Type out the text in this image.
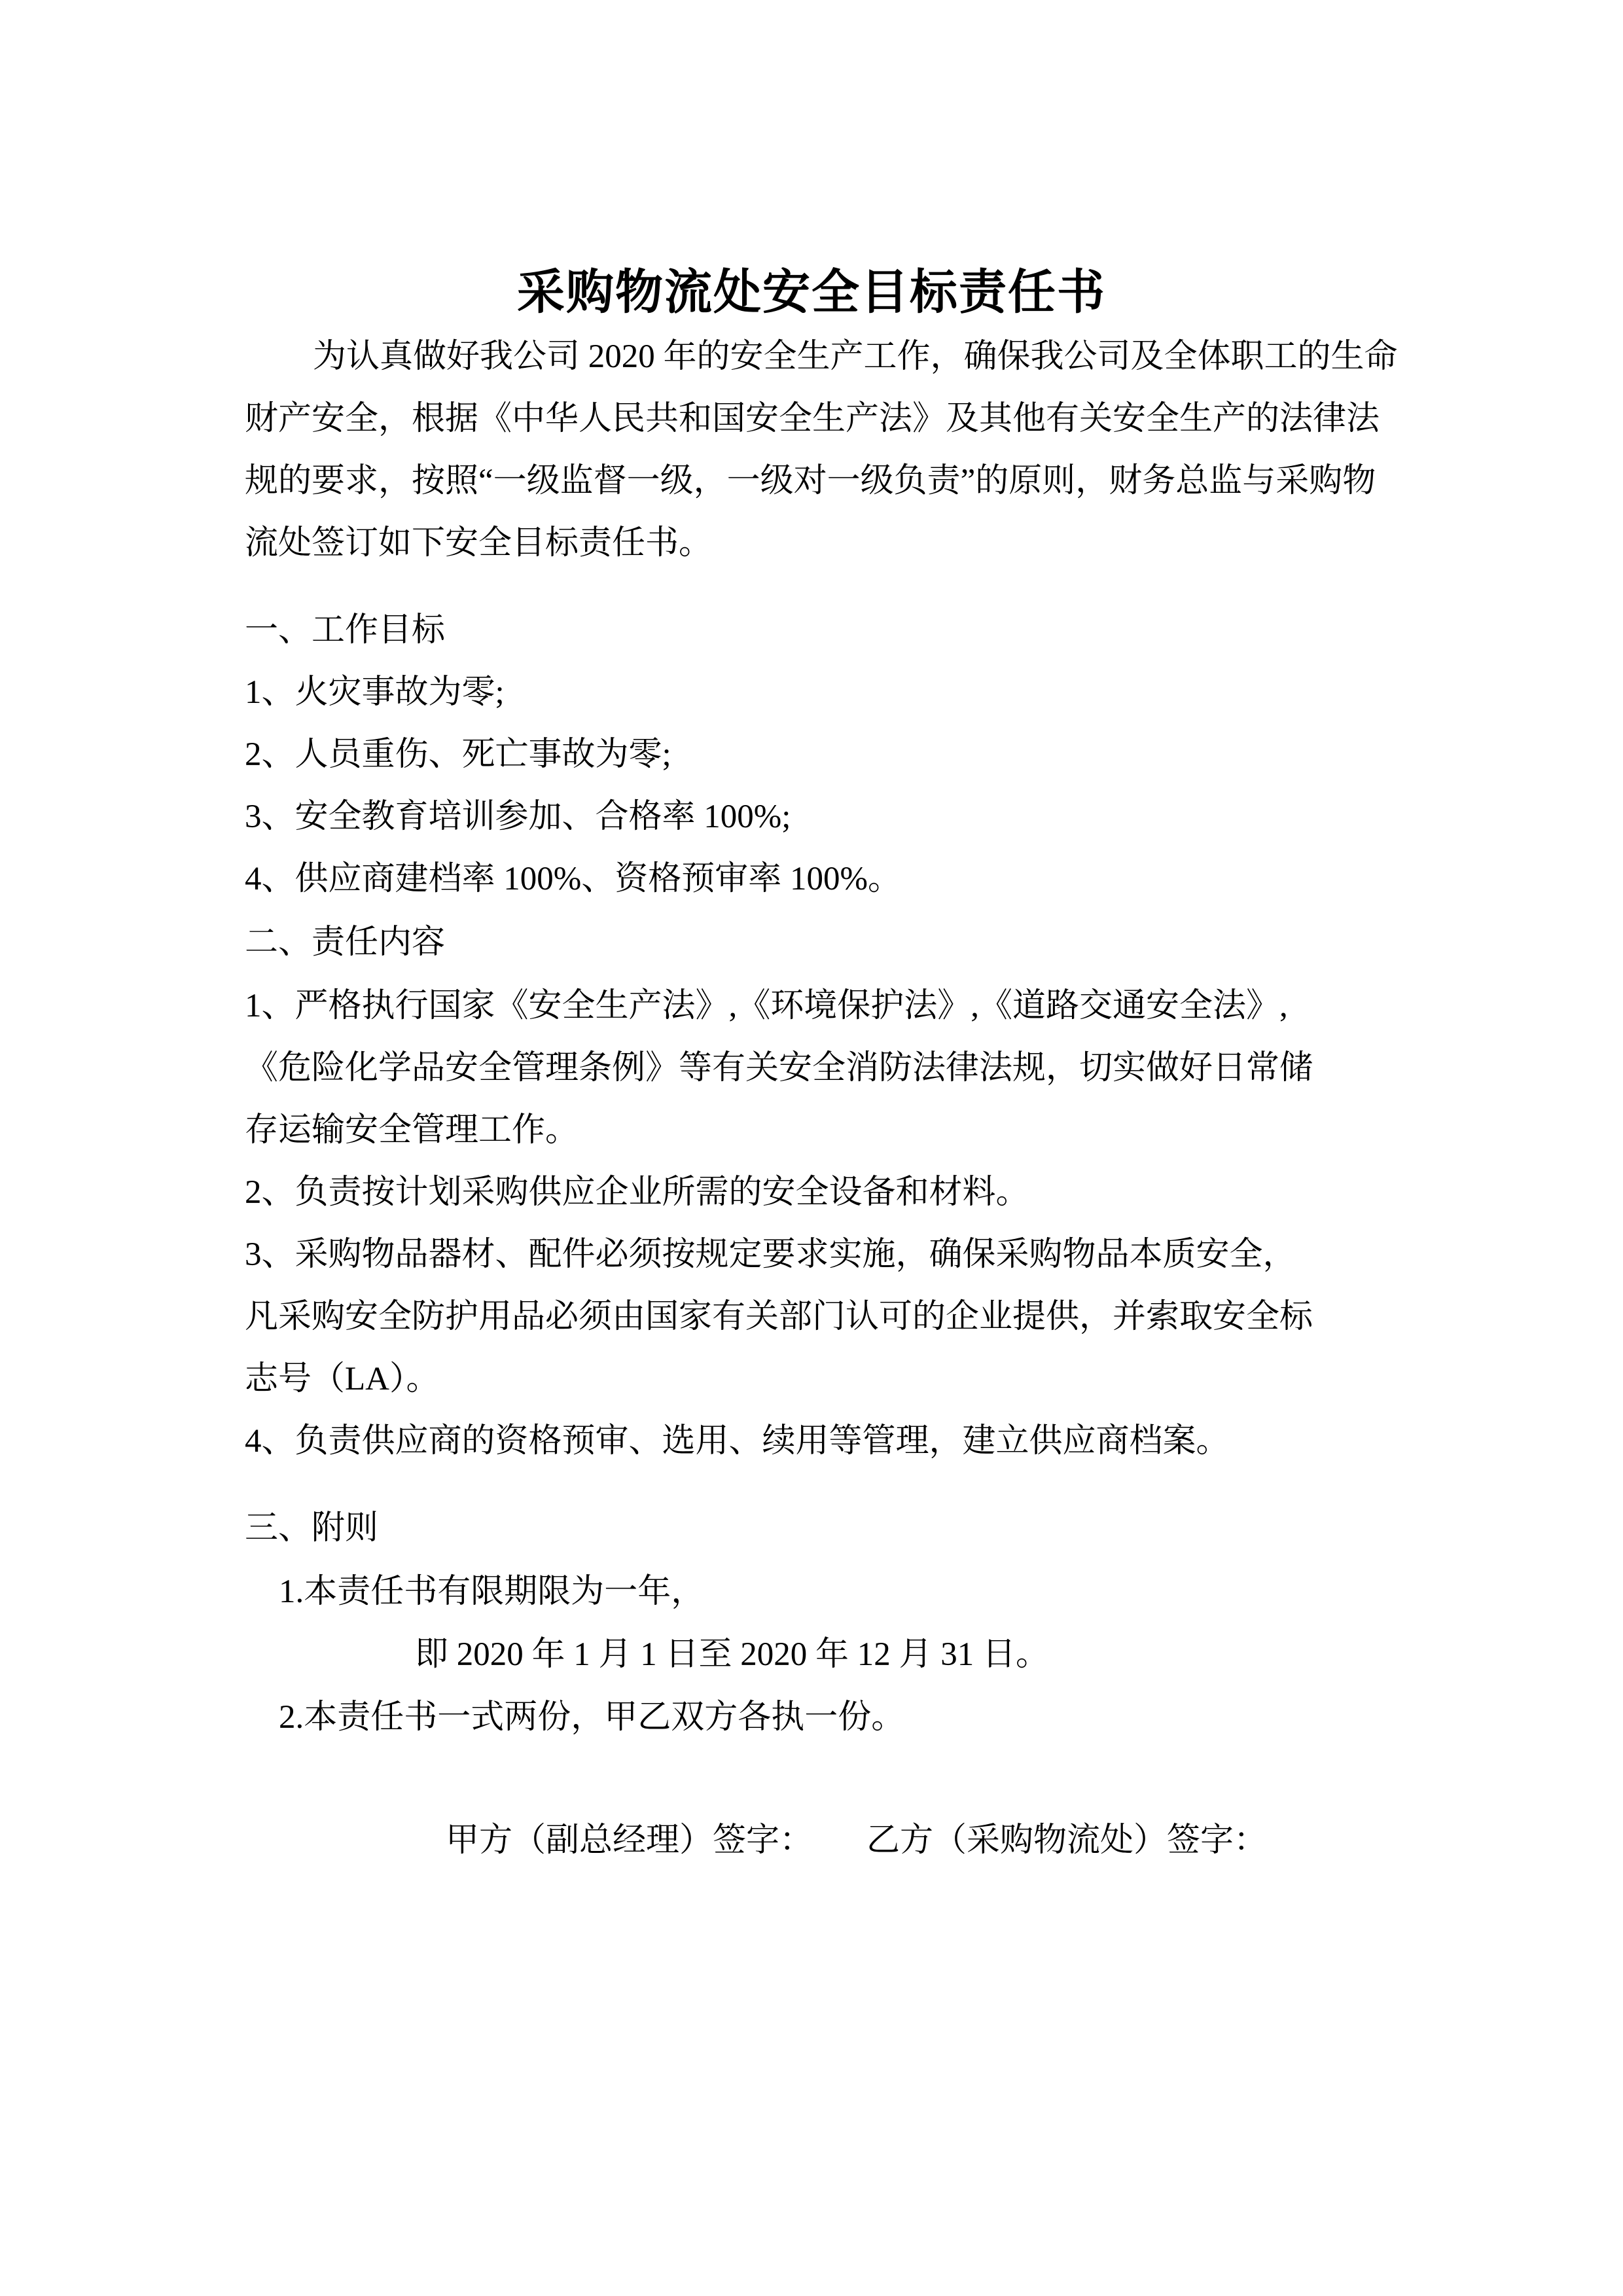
采购物流处安全目标责任书
为认真做好我公司 2020 年的安全生产工作，确保我公司及全体职工的生命
财产安全，根据《中华人民共和国安全生产法》及其他有关安全生产的法律法
规的要求，按照“一级监督一级，一级对一级负责”的原则，财务总监与采购物
流处签订如下安全目标责任书。
一、工作目标
1、火灾事故为零;
2、人员重伤、死亡事故为零;
3、安全教育培训参加、合格率 100%;
4、供应商建档率 100%、资格预审率 100%。
二、责任内容
1、严格执行国家《安全生产法》,《环境保护法》,《道路交通安全法》,
《危险化学品安全管理条例》等有关安全消防法律法规，切实做好日常储
存运输安全管理工作。
2、负责按计划采购供应企业所需的安全设备和材料。
3、采购物品器材、配件必须按规定要求实施，确保采购物品本质安全，
凡采购安全防护用品必须由国家有关部门认可的企业提供，并索取安全标
志号（LA）。
4、负责供应商的资格预审、选用、续用等管理，建立供应商档案。
三、附则
1.本责任书有限期限为一年，
即 2020 年 1 月 1 日至 2020 年 12 月 31 日。
2.本责任书一式两份，甲乙双方各执一份。

甲方（副总经理）签字： 乙方（采购物流处）签字：
